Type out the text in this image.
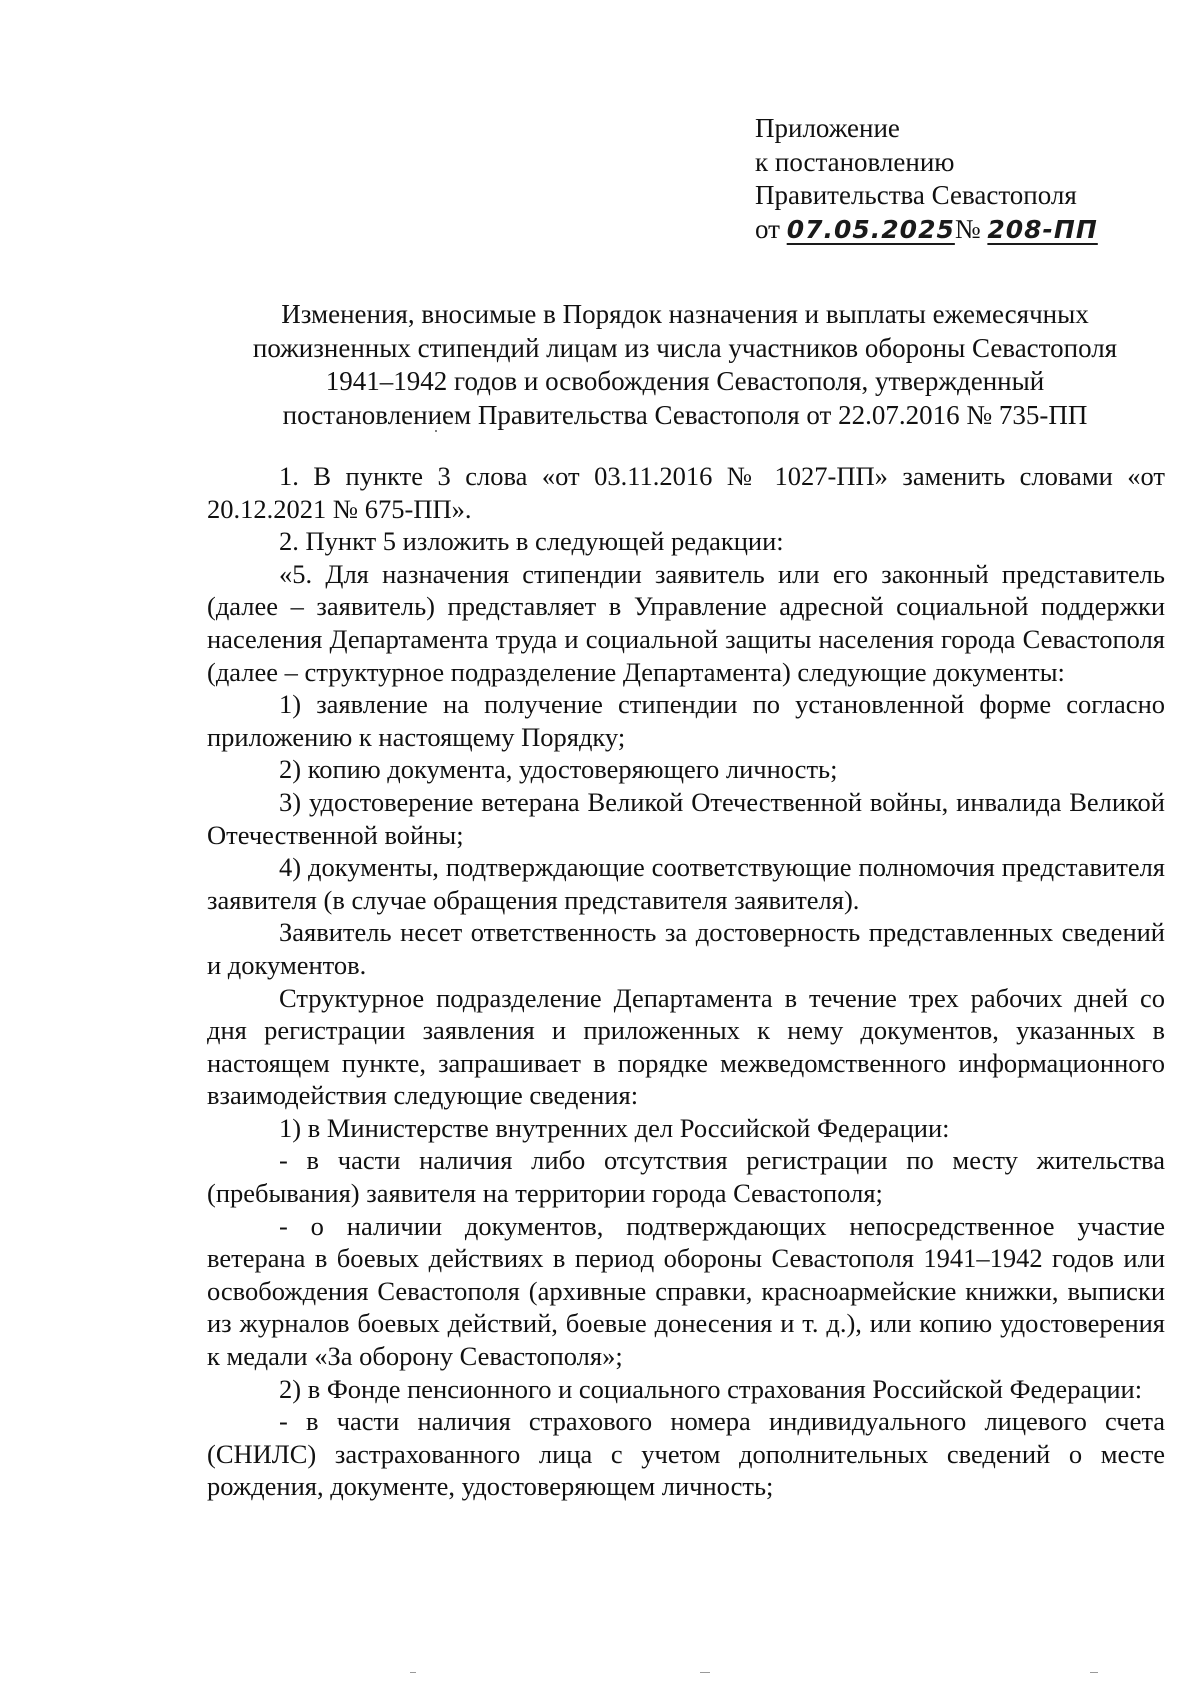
Приложение
к постановлению
Правительства Севастополя
от 07.05.2025№ 208-ПП
Изменения, вносимые в Порядок назначения и выплаты ежемесячных
пожизненных стипендий лицам из числа участников обороны Севастополя
1941–1942 годов и освобождения Севастополя, утвержденный
постановлением Правительства Севастополя от 22.07.2016 № 735-ПП

1. В пункте 3 слова «от 03.11.2016 № 1027-ПП» заменить словами «от 20.12.2021 № 675-ПП».

2. Пункт 5 изложить в следующей редакции:

«5. Для назначения стипендии заявитель или его законный представитель (далее – заявитель) представляет в Управление адресной социальной поддержки населения Департамента труда и социальной защиты населения города Севастополя (далее – структурное подразделение Департамента) следующие документы:

1) заявление на получение стипендии по установленной форме согласно приложению к настоящему Порядку;

2) копию документа, удостоверяющего личность;

3) удостоверение ветерана Великой Отечественной войны, инвалида Великой Отечественной войны;

4) документы, подтверждающие соответствующие полномочия представителя заявителя (в случае обращения представителя заявителя).

Заявитель несет ответственность за достоверность представленных сведений и документов.

Структурное подразделение Департамента в течение трех рабочих дней со дня регистрации заявления и приложенных к нему документов, указанных в настоящем пункте, запрашивает в порядке межведомственного информационного взаимодействия следующие сведения:

1) в Министерстве внутренних дел Российской Федерации:

- в части наличия либо отсутствия регистрации по месту жительства (пребывания) заявителя на территории города Севастополя;

- о наличии документов, подтверждающих непосредственное участие ветерана в боевых действиях в период обороны Севастополя 1941–1942 годов или освобождения Севастополя (архивные справки, красноармейские книжки, выписки из журналов боевых действий, боевые донесения и т. д.), или копию удостоверения к медали «За оборону Севастополя»;

2) в Фонде пенсионного и социального страхования Российской Федерации:

- в части наличия страхового номера индивидуального лицевого счета (СНИЛС) застрахованного лица с учетом дополнительных сведений о месте рождения, документе, удостоверяющем личность;
